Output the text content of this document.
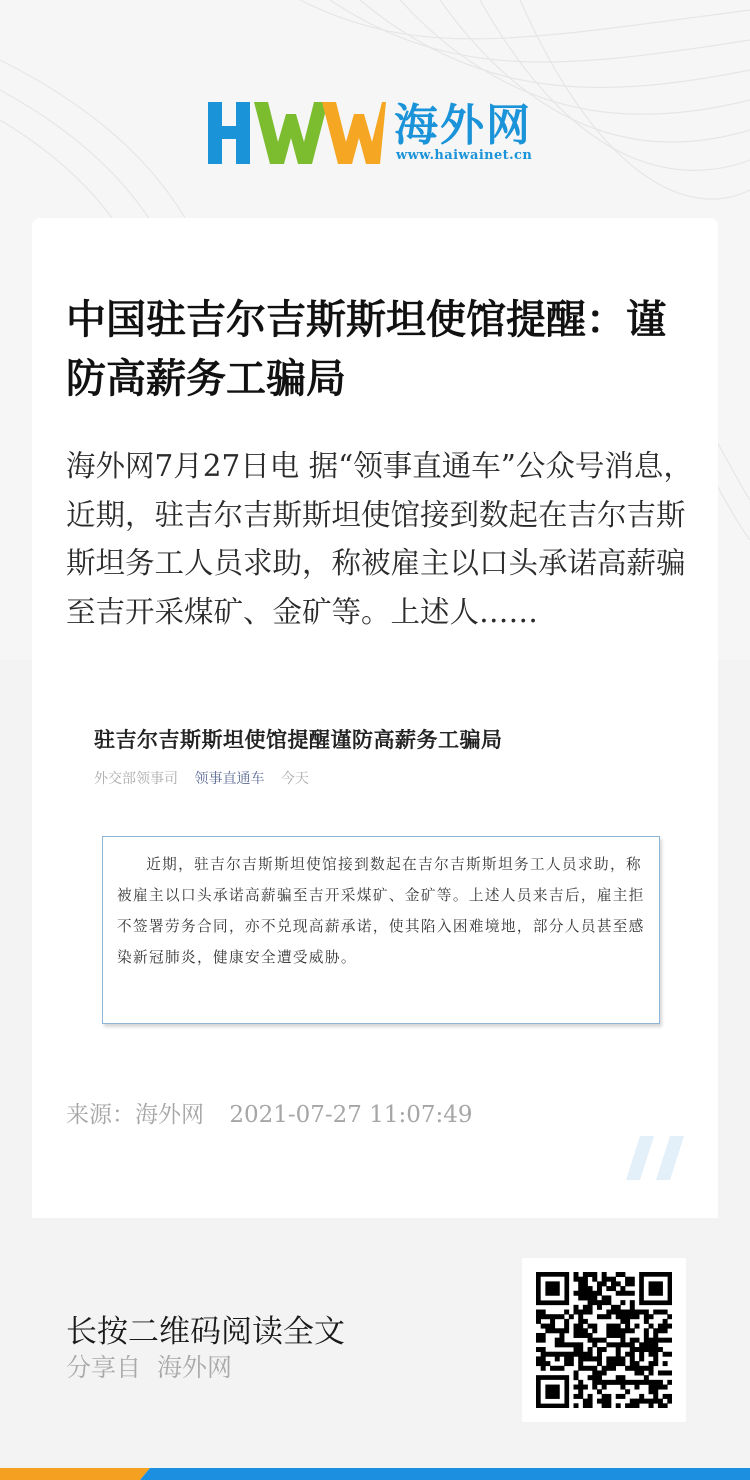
海外网
www.haiwainet.cn
中国驻吉尔吉斯斯坦使馆提醒：谨防高薪务工骗局
海外网7月27日电 据“领事直通车”公众号消息，近期，驻吉尔吉斯斯坦使馆接到数起在吉尔吉斯斯坦务工人员求助，称被雇主以口头承诺高薪骗至吉开采煤矿、金矿等。上述人……
驻吉尔吉斯斯坦使馆提醒谨防高薪务工骗局
外交部领事司 领事直通车 今天

近期，驻吉尔吉斯斯坦使馆接到数起在吉尔吉斯斯坦务工人员求助，称被雇主以口头承诺高薪骗至吉开采煤矿、金矿等。上述人员来吉后，雇主拒不签署劳务合同，亦不兑现高薪承诺，使其陷入困难境地，部分人员甚至感染新冠肺炎，健康安全遭受威胁。

来源：海外网 2021-07-27 11:07:49
长按二维码阅读全文
分享自 海外网
